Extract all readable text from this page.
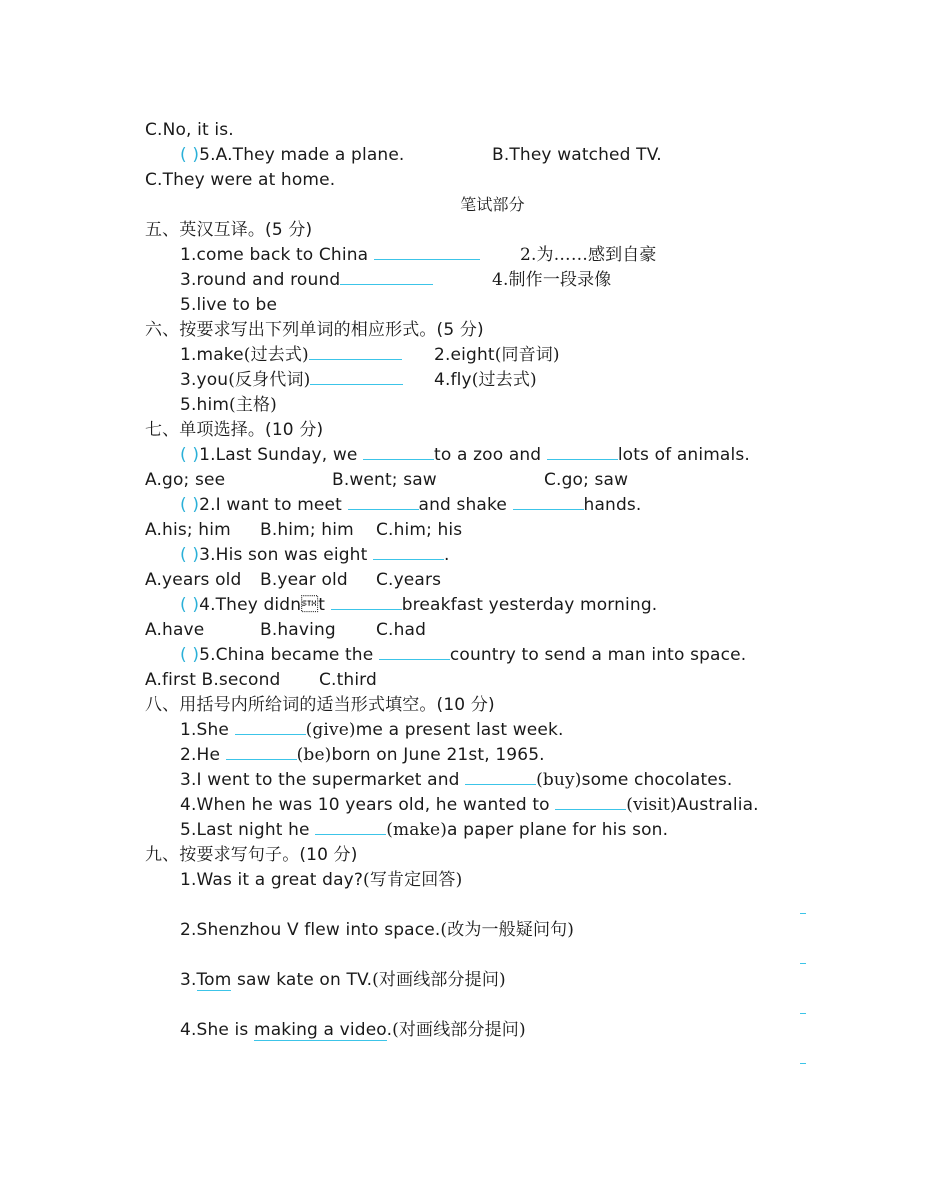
C.No, it is.
( )5.A.They made a plane.	B.They watched TV.
C.They were at home.
笔试部分
五、英汉互译。(5 分)
1.come back to China	2.为……感到自豪
3.round and round	4.制作一段录像
5.live to be
六、按要求写出下列单词的相应形式。(5 分)
1.make(过去式)	2.eight(同音词)
3.you(反身代词)	4.fly(过去式)
5.him(主格)
七、单项选择。(10 分)
( )1.Last Sunday, we	to a zoo and	lots of animals.
A.go; see	B.went; saw	C.go; saw
( )2.I want to meet	and shake	hands.
A.his; him B.him; him C.him; his
( )3.His son was eight	.
A.years old B.year old C.years
( )4.They didnt	breakfast yesterday morning.
A.have	B.having C.had
( )5.China became the	country to send a man into space.
A.first B.second C.third
八、用括号内所给词的适当形式填空。(10 分)
1.She	(give)me a present last week.
2.He	(be)born on June 21st, 1965.
3.I went to the supermarket and	(buy)some chocolates.
4.When he was 10 years old, he wanted to	(visit)Australia.
5.Last night he	(make)a paper plane for his son.
九、按要求写句子。(10 分)
1.Was it a great day?(写肯定回答)
2.Shenzhou V flew into space.(改为一般疑问句)
3.Tom saw kate on TV.(对画线部分提问)
4.She is making a video.(对画线部分提问)
